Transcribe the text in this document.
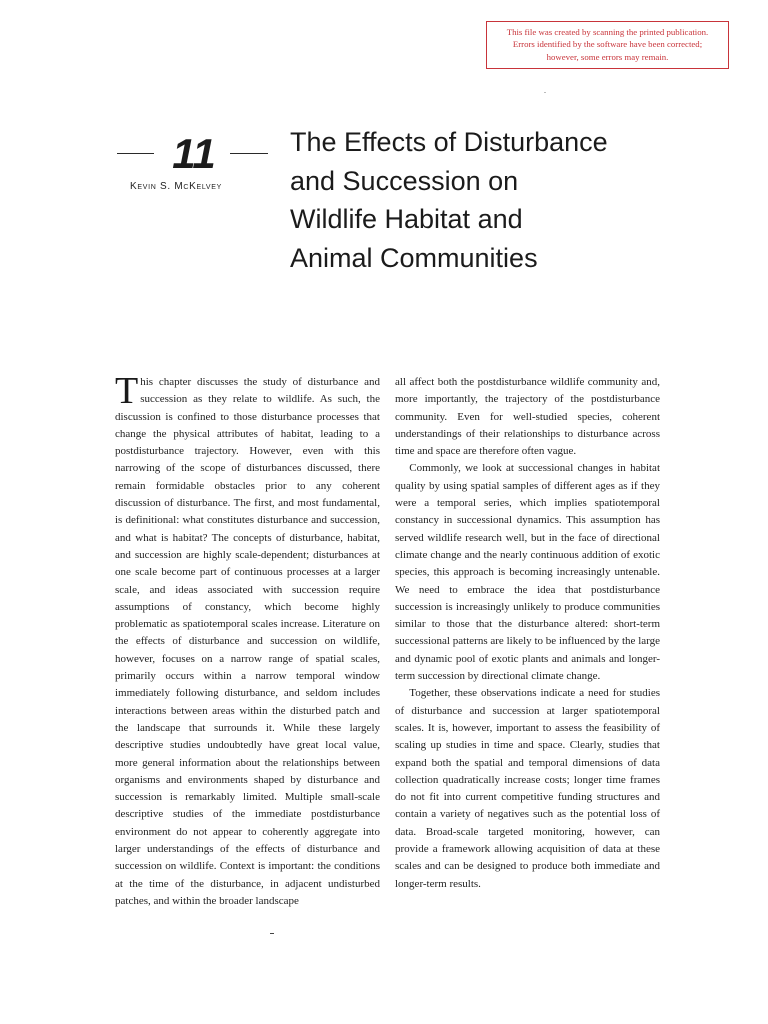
This file was created by scanning the printed publication.
Errors identified by the software have been corrected;
however, some errors may remain.
11
Kevin S. McKelvey
The Effects of Disturbance
and Succession on
Wildlife Habitat and
Animal Communities

This chapter discusses the study of disturbance and succession as they relate to wildlife. As such, the discussion is confined to those disturbance processes that change the physical attributes of habitat, leading to a postdisturbance trajectory. However, even with this narrowing of the scope of disturbances discussed, there remain formidable obstacles prior to any coherent discussion of disturbance. The first, and most fundamental, is definitional: what constitutes disturbance and succession, and what is habitat? The concepts of disturbance, habitat, and succession are highly scale-dependent; disturbances at one scale become part of continuous processes at a larger scale, and ideas associated with succession require assumptions of constancy, which become highly problematic as spatiotemporal scales increase. Literature on the effects of disturbance and succession on wildlife, however, focuses on a narrow range of spatial scales, primarily occurs within a narrow temporal window immediately following disturbance, and seldom includes interactions between areas within the disturbed patch and the landscape that surrounds it. While these largely descriptive studies undoubtedly have great local value, more general information about the relationships between organisms and environments shaped by disturbance and succession is remarkably limited. Multiple small-scale descriptive studies of the immediate postdisturbance environment do not appear to coherently aggregate into larger understandings of the effects of disturbance and succession on wildlife. Context is important: the conditions at the time of the disturbance, in adjacent undisturbed patches, and within the broader landscape

all affect both the postdisturbance wildlife community and, more importantly, the trajectory of the postdisturbance community. Even for well-studied species, coherent understandings of their relationships to disturbance across time and space are therefore often vague.

Commonly, we look at successional changes in habitat quality by using spatial samples of different ages as if they were a temporal series, which implies spatiotemporal constancy in successional dynamics. This assumption has served wildlife research well, but in the face of directional climate change and the nearly continuous addition of exotic species, this approach is becoming increasingly untenable. We need to embrace the idea that postdisturbance succession is increasingly unlikely to produce communities similar to those that the disturbance altered: short-term successional patterns are likely to be influenced by the large and dynamic pool of exotic plants and animals and longer-term succession by directional climate change.

Together, these observations indicate a need for studies of disturbance and succession at larger spatiotemporal scales. It is, however, important to assess the feasibility of scaling up studies in time and space. Clearly, studies that expand both the spatial and temporal dimensions of data collection quadratically increase costs; longer time frames do not fit into current competitive funding structures and contain a variety of negatives such as the potential loss of data. Broad-scale targeted monitoring, however, can provide a framework allowing acquisition of data at these scales and can be designed to produce both immediate and longer-term results.
